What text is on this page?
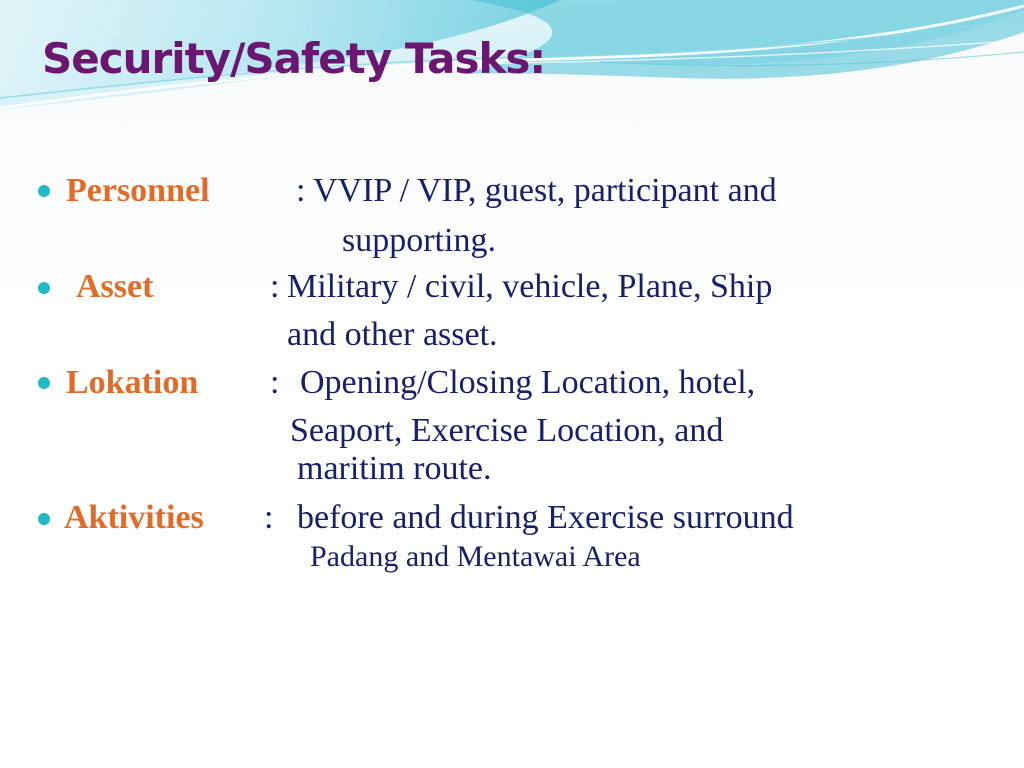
Security/Safety Tasks:
Personnel	: VVIP / VIP, guest, participant and
supporting.
Asset	: Military / civil, vehicle, Plane, Ship
and other asset.
Lokation : Opening/Closing Location, hotel,
Seaport, Exercise Location, and
maritim route.
Aktivities : before and during Exercise surround
Padang and Mentawai Area
